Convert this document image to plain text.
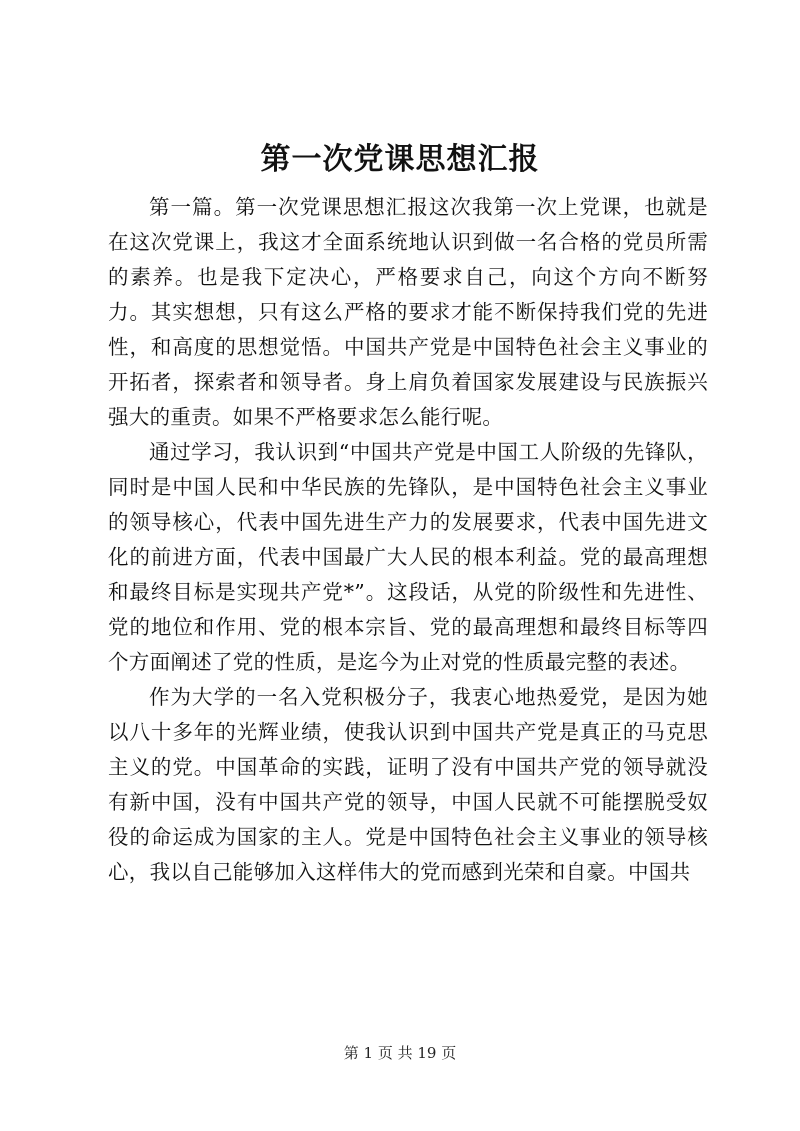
第一次党课思想汇报

第一篇。第一次党课思想汇报这次我第一次上党课，也就是在这次党课上，我这才全面系统地认识到做一名合格的党员所需的素养。也是我下定决心，严格要求自己，向这个方向不断努力。其实想想，只有这么严格的要求才能不断保持我们党的先进性，和高度的思想觉悟。中国共产党是中国特色社会主义事业的开拓者，探索者和领导者。身上肩负着国家发展建设与民族振兴强大的重责。如果不严格要求怎么能行呢。

通过学习，我认识到“中国共产党是中国工人阶级的先锋队，同时是中国人民和中华民族的先锋队，是中国特色社会主义事业的领导核心，代表中国先进生产力的发展要求，代表中国先进文化的前进方面，代表中国最广大人民的根本利益。党的最高理想和最终目标是实现共产党*”。这段话，从党的阶级性和先进性、党的地位和作用、党的根本宗旨、党的最高理想和最终目标等四个方面阐述了党的性质，是迄今为止对党的性质最完整的表述。

作为大学的一名入党积极分子，我衷心地热爱党，是因为她以八十多年的光辉业绩，使我认识到中国共产党是真正的马克思主义的党。中国革命的实践，证明了没有中国共产党的领导就没有新中国，没有中国共产党的领导，中国人民就不可能摆脱受奴役的命运成为国家的主人。党是中国特色社会主义事业的领导核心，我以自己能够加入这样伟大的党而感到光荣和自豪。中国共

第 1 页 共 19 页
